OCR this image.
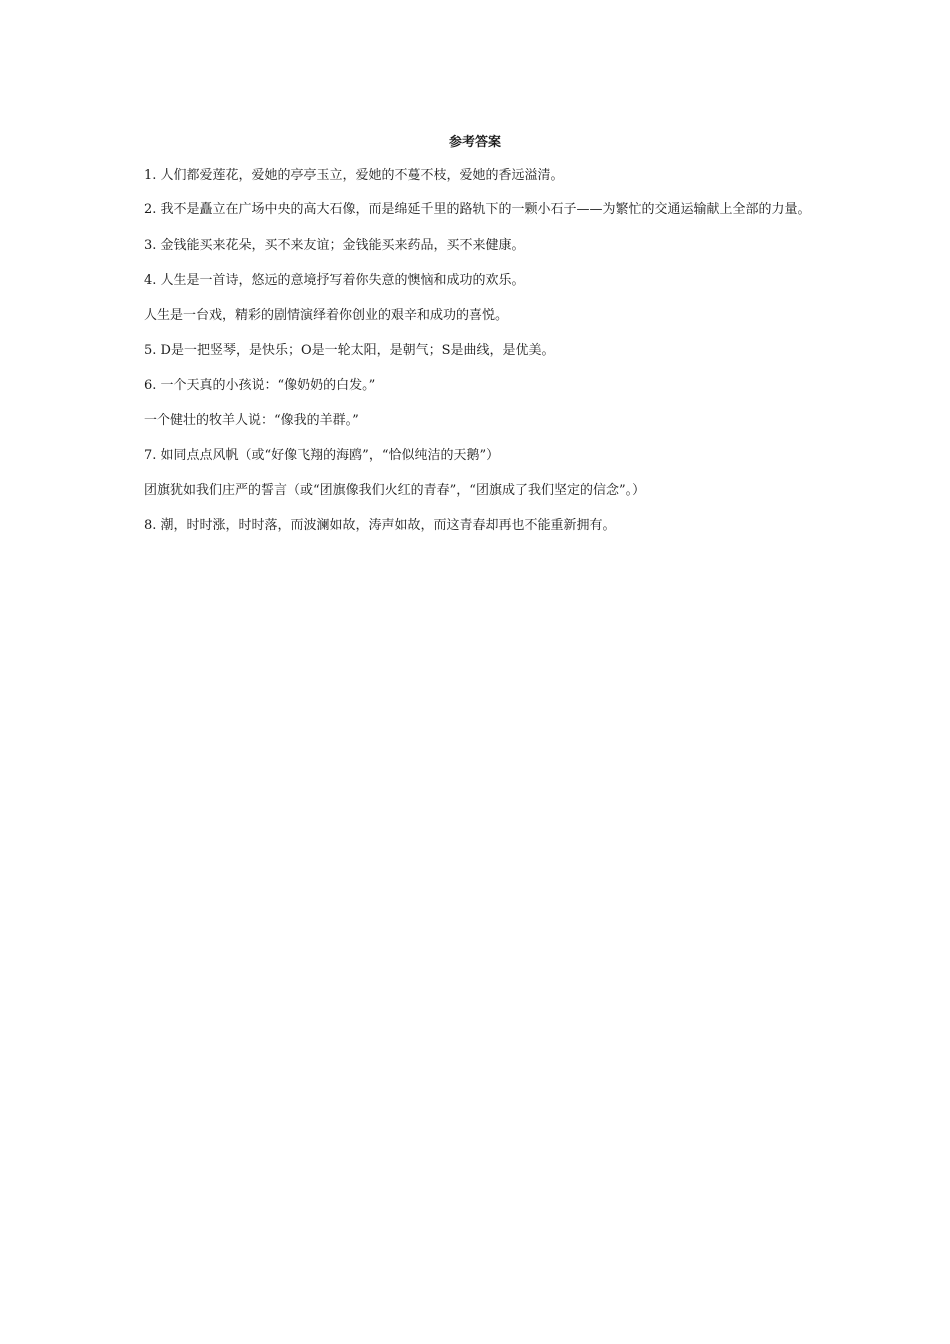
参考答案

1. 人们都爱莲花，爱她的亭亭玉立，爱她的不蔓不枝，爱她的香远溢清。

2. 我不是矗立在广场中央的高大石像，而是绵延千里的路轨下的一颗小石子——为繁忙的交通运输献上全部的力量。

3. 金钱能买来花朵，买不来友谊；金钱能买来药品，买不来健康。

4. 人生是一首诗，悠远的意境抒写着你失意的懊恼和成功的欢乐。

人生是一台戏，精彩的剧情演绎着你创业的艰辛和成功的喜悦。

5. D是一把竖琴，是快乐；O是一轮太阳，是朝气；S是曲线，是优美。

6. 一个天真的小孩说：“像奶奶的白发。”

一个健壮的牧羊人说：“像我的羊群。”

7. 如同点点风帆（或“好像飞翔的海鸥”，“恰似纯洁的天鹅”）

团旗犹如我们庄严的誓言（或“团旗像我们火红的青春”，“团旗成了我们坚定的信念”。）

8. 潮，时时涨，时时落，而波澜如故，涛声如故，而这青春却再也不能重新拥有。
